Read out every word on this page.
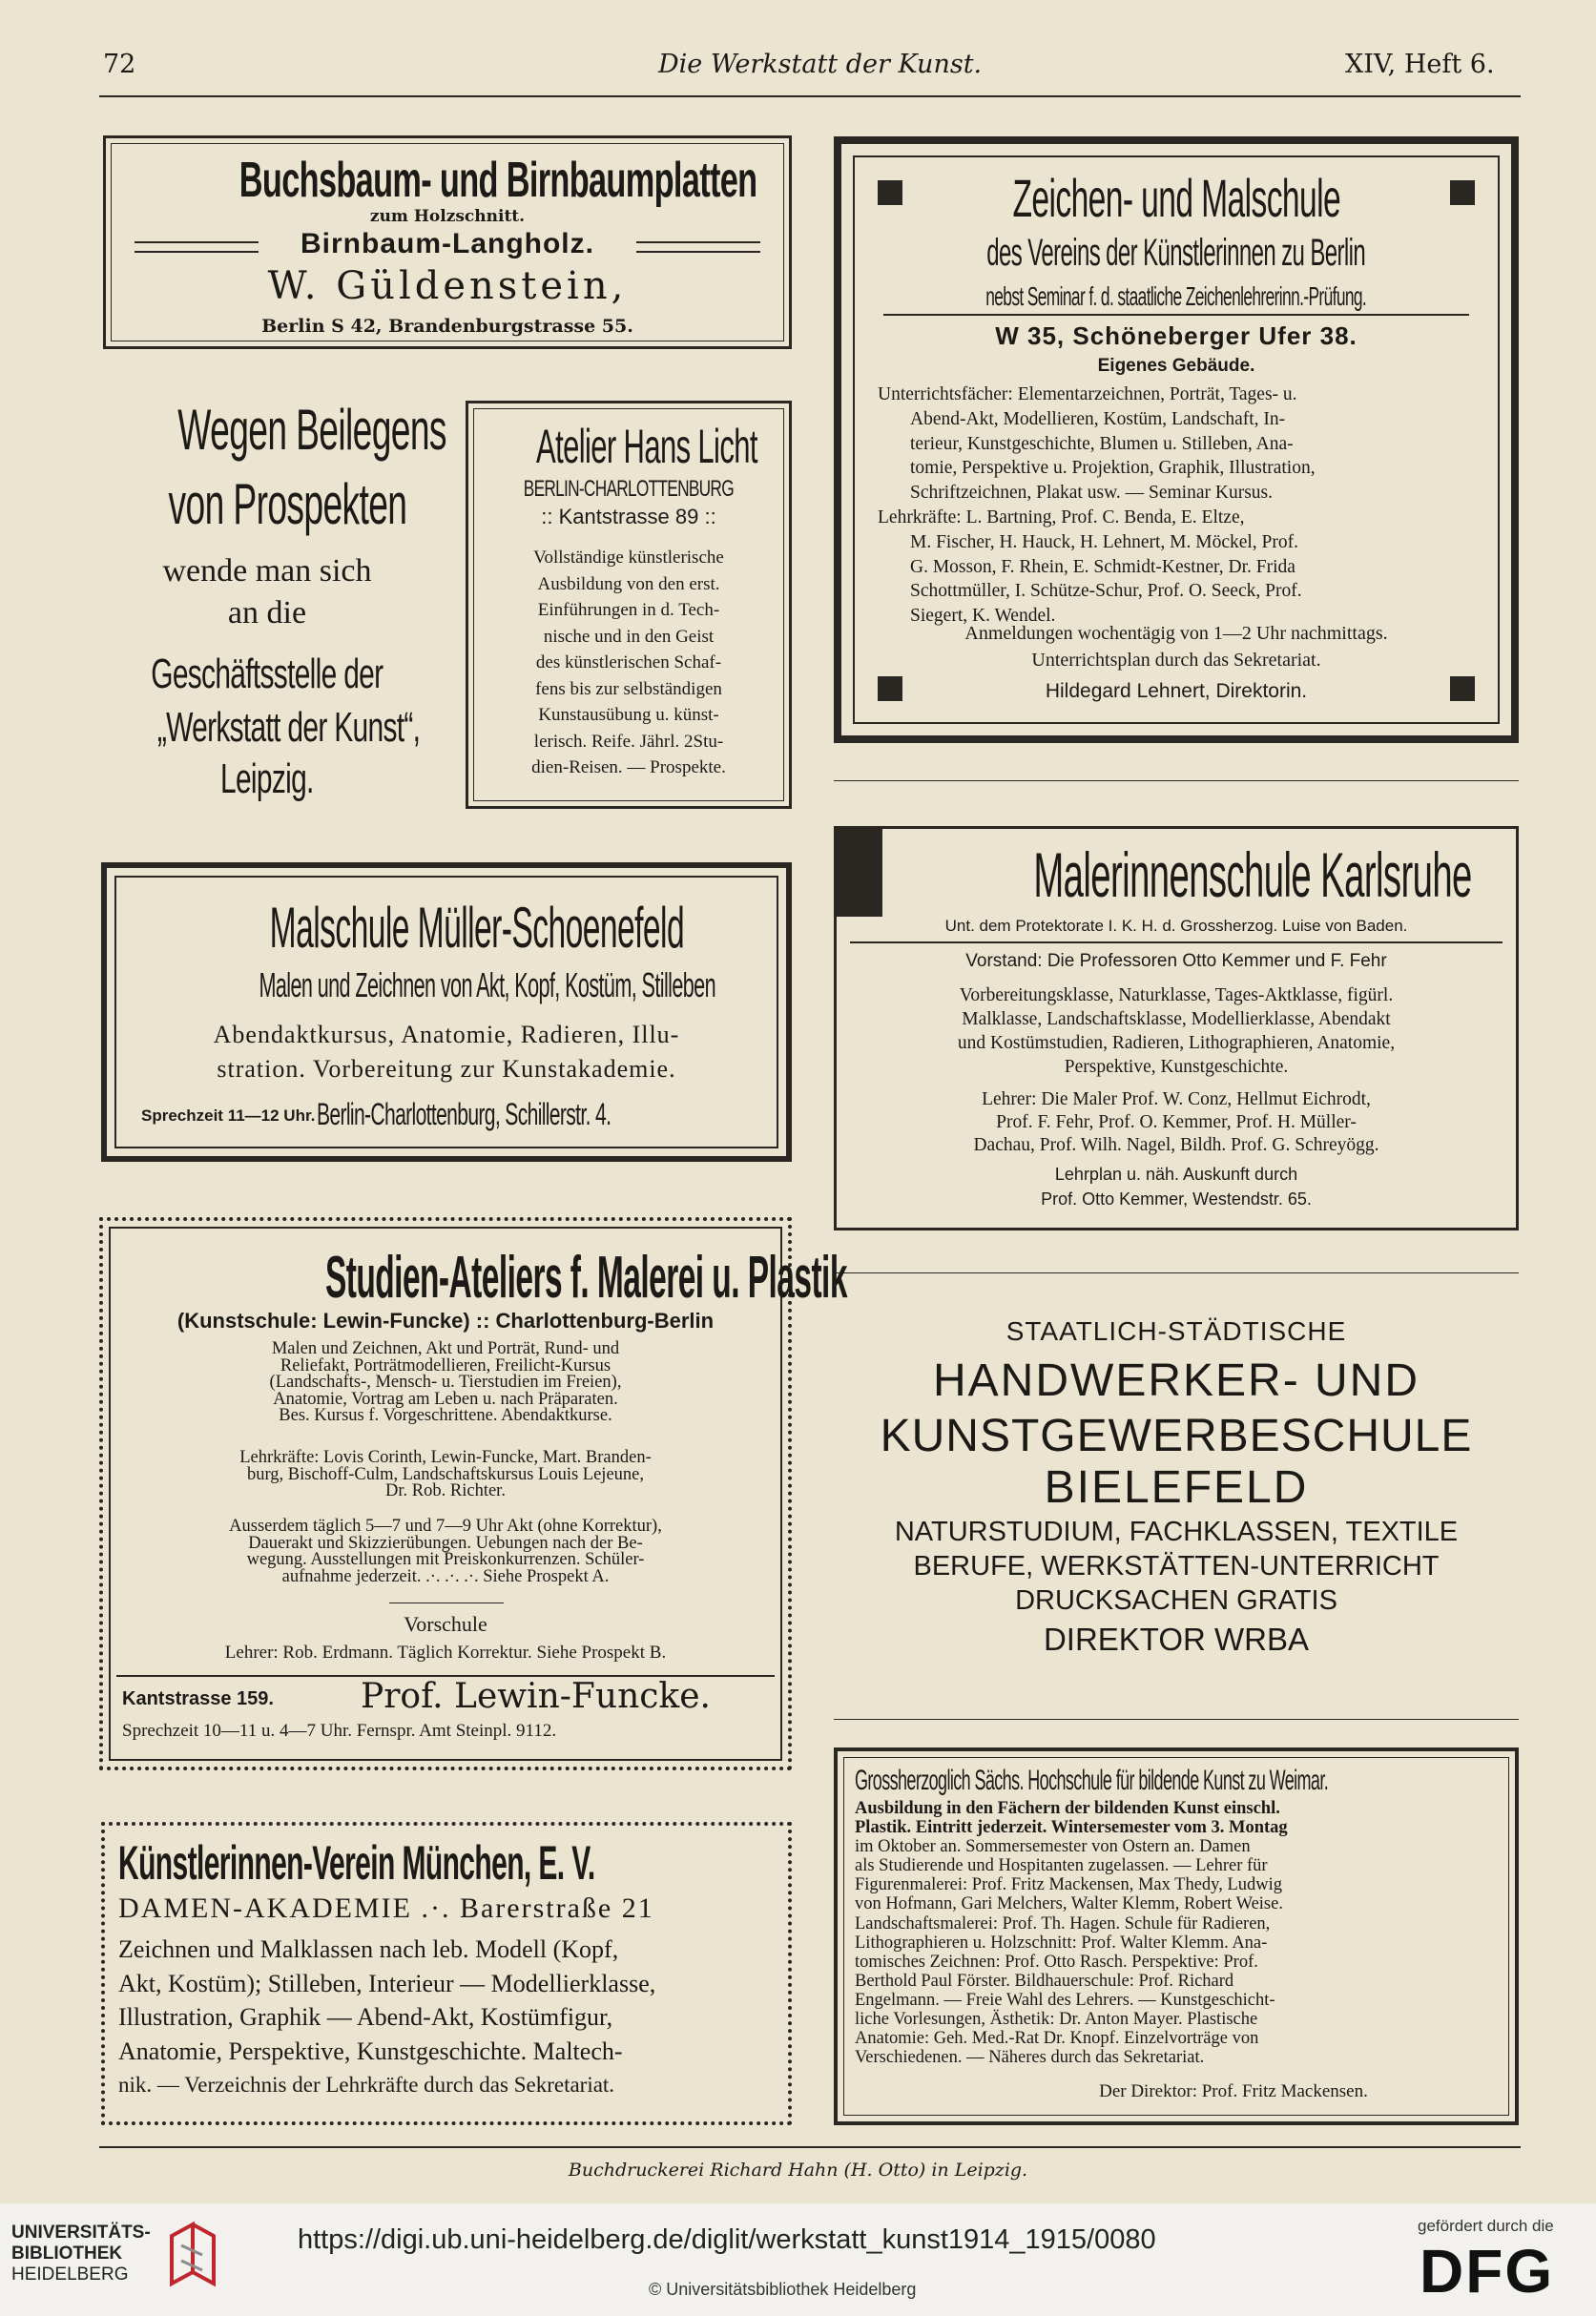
72	Die Werkstatt der Kunst.	XIV, Heft 6.
Buchsbaum- und Birnbaumplatten
zum Holzschnitt.
Birnbaum-Langholz.
W. Güldenstein,
Berlin S 42, Brandenburgstrasse 55.
Wegen Beilegens
von Prospekten
wende man sich
an die
Geschäftsstelle der
„Werkstatt der Kunst“,
Leipzig.
Atelier Hans Licht
BERLIN-CHARLOTTENBURG
:: Kantstrasse 89 ::
Vollständige künstlerische
Ausbildung von den erst.
Einführungen in d. Tech-
nische und in den Geist
des künstlerischen Schaf-
fens bis zur selbständigen
Kunstausübung u. künst-
lerisch. Reife. Jährl. 2Stu-
dien-Reisen. — Prospekte.
Zeichen- und Malschule
des Vereins der Künstlerinnen zu Berlin
nebst Seminar f. d. staatliche Zeichenlehrerinn.-Prüfung.
W 35, Schöneberger Ufer 38.
Eigenes Gebäude.
Unterrichtsfächer: Elementarzeichnen, Porträt, Tages- u.
Abend-Akt, Modellieren, Kostüm, Landschaft, In-
terieur, Kunstgeschichte, Blumen u. Stilleben, Ana-
tomie, Perspektive u. Projektion, Graphik, Illustration,
Schriftzeichnen, Plakat usw. — Seminar Kursus.
Lehrkräfte: L. Bartning, Prof. C. Benda, E. Eltze,
M. Fischer, H. Hauck, H. Lehnert, M. Möckel, Prof.
G. Mosson, F. Rhein, E. Schmidt-Kestner, Dr. Frida
Schottmüller, I. Schütze-Schur, Prof. O. Seeck, Prof.
Siegert, K. Wendel.
Anmeldungen wochentägig von 1—2 Uhr nachmittags.
Unterrichtsplan durch das Sekretariat.
Hildegard Lehnert, Direktorin.
Malschule Müller-Schoenefeld
Malen und Zeichnen von Akt, Kopf, Kostüm, Stilleben
Abendaktkursus, Anatomie, Radieren, Illu-
stration. Vorbereitung zur Kunstakademie.
Sprechzeit 11—12 Uhr. Berlin-Charlottenburg, Schillerstr. 4.
Malerinnenschule Karlsruhe
Unt. dem Protektorate I. K. H. d. Grossherzog. Luise von Baden.
Vorstand: Die Professoren Otto Kemmer und F. Fehr
Vorbereitungsklasse, Naturklasse, Tages-Aktklasse, figürl.
Malklasse, Landschaftsklasse, Modellierklasse, Abendakt
und Kostümstudien, Radieren, Lithographieren, Anatomie,
Perspektive, Kunstgeschichte.
Lehrer: Die Maler Prof. W. Conz, Hellmut Eichrodt,
Prof. F. Fehr, Prof. O. Kemmer, Prof. H. Müller-
Dachau, Prof. Wilh. Nagel, Bildh. Prof. G. Schreyögg.
Lehrplan u. näh. Auskunft durch
Prof. Otto Kemmer, Westendstr. 65.
Studien-Ateliers f. Malerei u. Plastik
(Kunstschule: Lewin-Funcke) :: Charlottenburg-Berlin
Malen und Zeichnen, Akt und Porträt, Rund- und
Reliefakt, Porträtmodellieren, Freilicht-Kursus
(Landschafts-, Mensch- u. Tierstudien im Freien),
Anatomie, Vortrag am Leben u. nach Präparaten.
Bes. Kursus f. Vorgeschrittene. Abendaktkurse.
Lehrkräfte: Lovis Corinth, Lewin-Funcke, Mart. Branden-
burg, Bischoff-Culm, Landschaftskursus Louis Lejeune,
Dr. Rob. Richter.
Ausserdem täglich 5—7 und 7—9 Uhr Akt (ohne Korrektur),
Dauerakt und Skizzierübungen. Uebungen nach der Be-
wegung. Ausstellungen mit Preiskonkurrenzen. Schüler-
aufnahme jederzeit. .·. .·. .·. Siehe Prospekt A.
Vorschule
Lehrer: Rob. Erdmann. Täglich Korrektur. Siehe Prospekt B.
Kantstrasse 159.	Prof. Lewin-Funcke.
Sprechzeit 10—11 u. 4—7 Uhr. Fernspr. Amt Steinpl. 9112.
STAATLICH-STÄDTISCHE
HANDWERKER- UND
KUNSTGEWERBESCHULE
BIELEFELD
NATURSTUDIUM, FACHKLASSEN, TEXTILE
BERUFE, WERKSTÄTTEN-UNTERRICHT
DRUCKSACHEN GRATIS
DIREKTOR WRBA
Künstlerinnen-Verein München, E. V.
DAMEN-AKADEMIE .·. Barerstraße 21
Zeichnen und Malklassen nach leb. Modell (Kopf,
Akt, Kostüm); Stilleben, Interieur — Modellierklasse,
Illustration, Graphik — Abend-Akt, Kostümfigur,
Anatomie, Perspektive, Kunstgeschichte. Maltech-
nik. — Verzeichnis der Lehrkräfte durch das Sekretariat.
Grossherzoglich Sächs. Hochschule für bildende Kunst zu Weimar.
Ausbildung in den Fächern der bildenden Kunst einschl.
Plastik. Eintritt jederzeit. Wintersemester vom 3. Montag
im Oktober an. Sommersemester von Ostern an. Damen
als Studierende und Hospitanten zugelassen. — Lehrer für
Figurenmalerei: Prof. Fritz Mackensen, Max Thedy, Ludwig
von Hofmann, Gari Melchers, Walter Klemm, Robert Weise.
Landschaftsmalerei: Prof. Th. Hagen. Schule für Radieren,
Lithographieren u. Holzschnitt: Prof. Walter Klemm. Ana-
tomisches Zeichnen: Prof. Otto Rasch. Perspektive: Prof.
Berthold Paul Förster. Bildhauerschule: Prof. Richard
Engelmann. — Freie Wahl des Lehrers. — Kunstgeschicht-
liche Vorlesungen, Ästhetik: Dr. Anton Mayer. Plastische
Anatomie: Geh. Med.-Rat Dr. Knopf. Einzelvorträge von
Verschiedenen. — Näheres durch das Sekretariat.
Der Direktor: Prof. Fritz Mackensen.
Buchdruckerei Richard Hahn (H. Otto) in Leipzig.
UNIVERSITÄTS-
BIBLIOTHEK
HEIDELBERG
https://digi.ub.uni-heidelberg.de/diglit/werkstatt_kunst1914_1915/0080
© Universitätsbibliothek Heidelberg
gefördert durch die
DFG
